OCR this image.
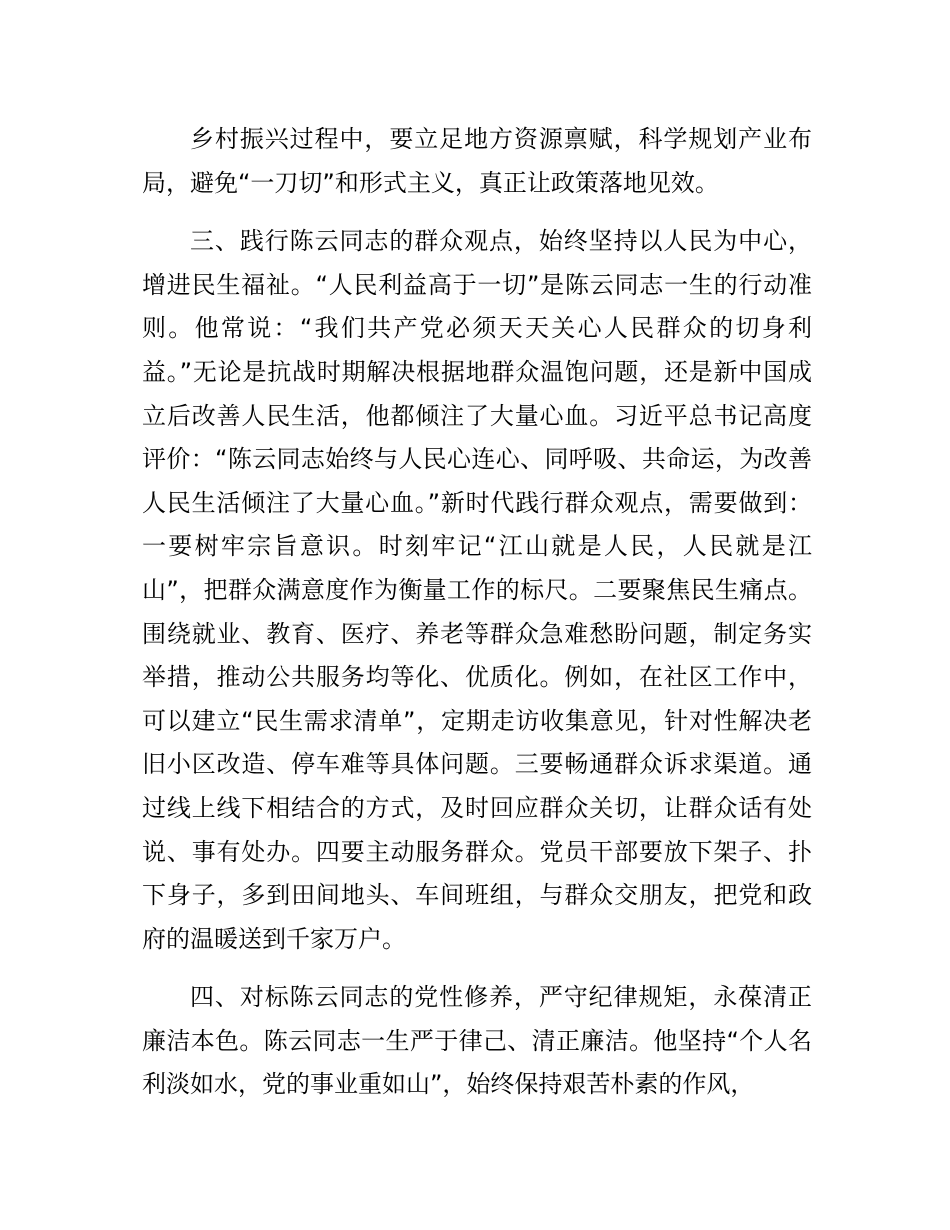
乡村振兴过程中，要立足地方资源禀赋，科学规划产业布局，避免“一刀切”和形式主义，真正让政策落地见效。

三、践行陈云同志的群众观点，始终坚持以人民为中心，增进民生福祉。“人民利益高于一切”是陈云同志一生的行动准则。他常说：“我们共产党必须天天关心人民群众的切身利益。”无论是抗战时期解决根据地群众温饱问题，还是新中国成立后改善人民生活，他都倾注了大量心血。习近平总书记高度评价：“陈云同志始终与人民心连心、同呼吸、共命运，为改善人民生活倾注了大量心血。”新时代践行群众观点，需要做到：一要树牢宗旨意识。时刻牢记“江山就是人民，人民就是江山”，把群众满意度作为衡量工作的标尺。二要聚焦民生痛点。围绕就业、教育、医疗、养老等群众急难愁盼问题，制定务实举措，推动公共服务均等化、优质化。例如，在社区工作中，可以建立“民生需求清单”，定期走访收集意见，针对性解决老旧小区改造、停车难等具体问题。三要畅通群众诉求渠道。通过线上线下相结合的方式，及时回应群众关切，让群众话有处说、事有处办。四要主动服务群众。党员干部要放下架子、扑下身子，多到田间地头、车间班组，与群众交朋友，把党和政府的温暖送到千家万户。

四、对标陈云同志的党性修养，严守纪律规矩，永葆清正廉洁本色。陈云同志一生严于律己、清正廉洁。他坚持“个人名利淡如水，党的事业重如山”，始终保持艰苦朴素的作风，
